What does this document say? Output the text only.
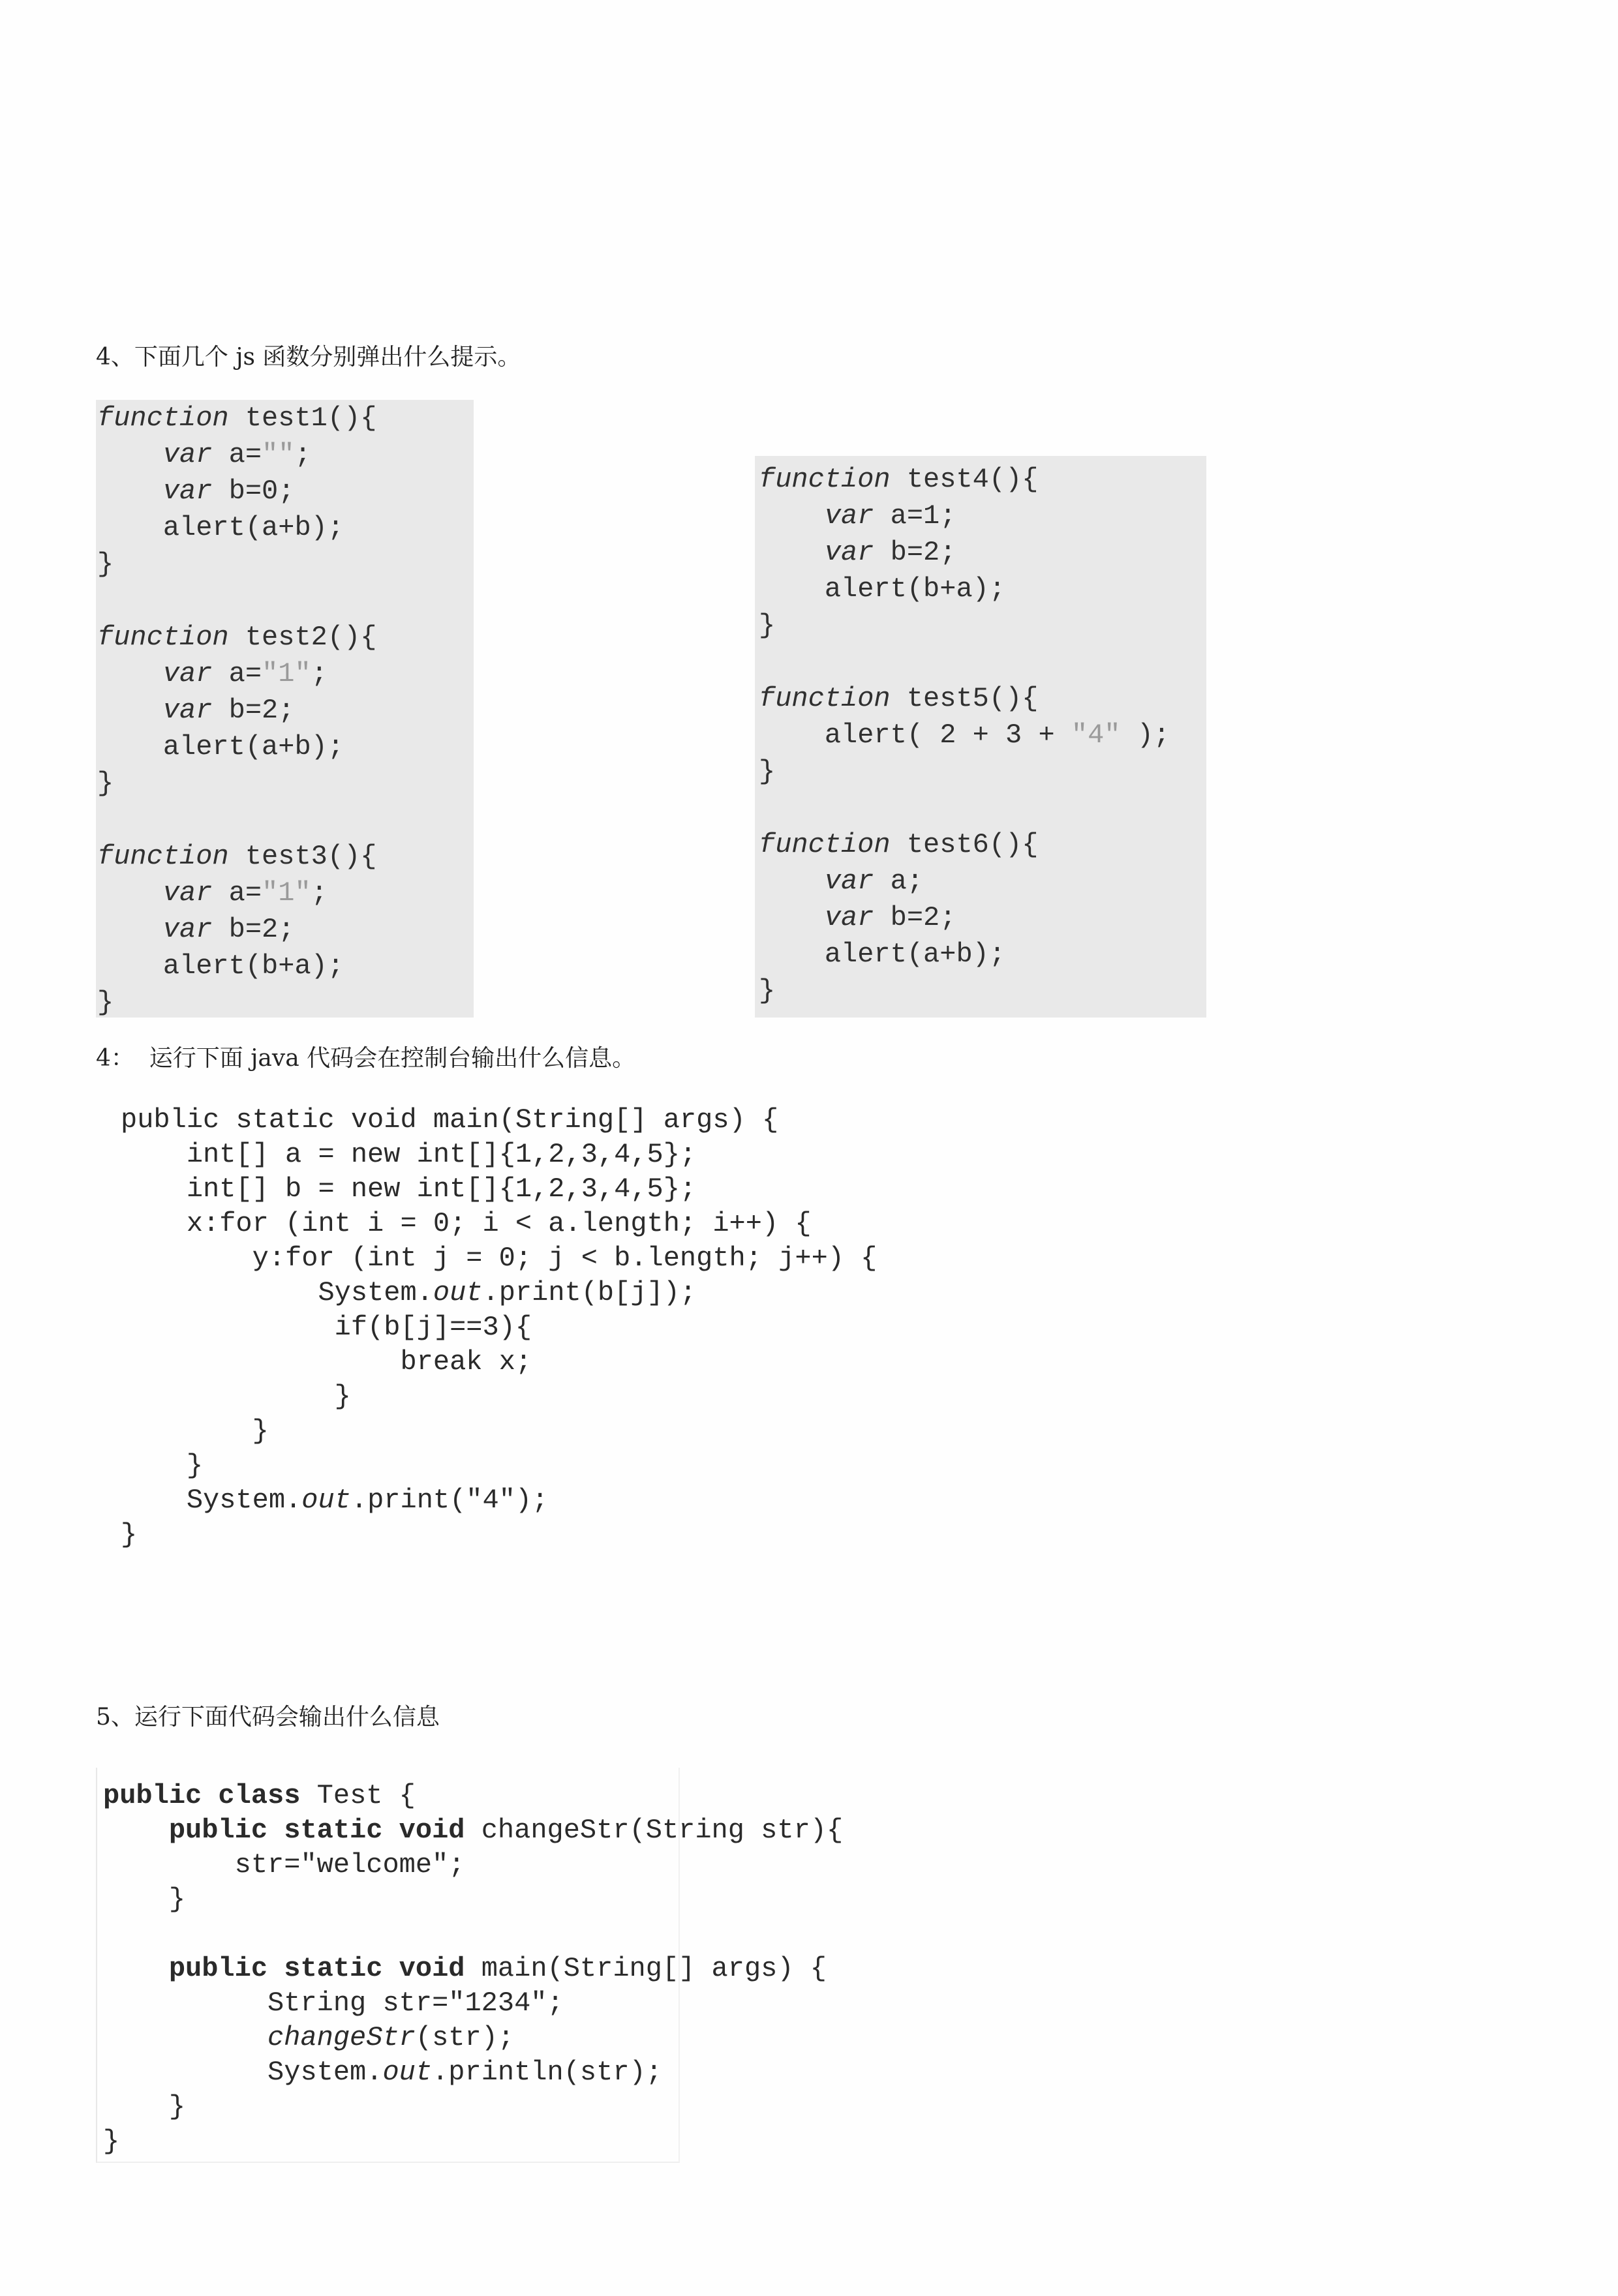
4、下面几个 js 函数分别弹出什么提示。
function test1(){
var a="";
var b=0;
alert(a+b);
}
function test2(){
var a="1";
var b=2;
alert(a+b);
}
function test3(){
var a="1";
var b=2;
alert(b+a);
}
function test4(){
var a=1;
var b=2;
alert(b+a);
}
function test5(){
alert( 2 + 3 + "4" );
}
function test6(){
var a;
var b=2;
alert(a+b);
}
4：  运行下面 java 代码会在控制台输出什么信息。
public static void main(String[] args) {
int[] a = new int[]{1,2,3,4,5};
int[] b = new int[]{1,2,3,4,5};
x:for (int i = 0; i < a.length; i++) {
y:for (int j = 0; j < b.length; j++) {
System.out.print(b[j]);
if(b[j]==3){
break x;
}
}
}
System.out.print("4");
}
5、运行下面代码会输出什么信息
public class Test {
public static void changeStr(String str){
str="welcome";
}
public static void main(String[] args) {
String str="1234";
changeStr(str);
System.out.println(str);
}
}
